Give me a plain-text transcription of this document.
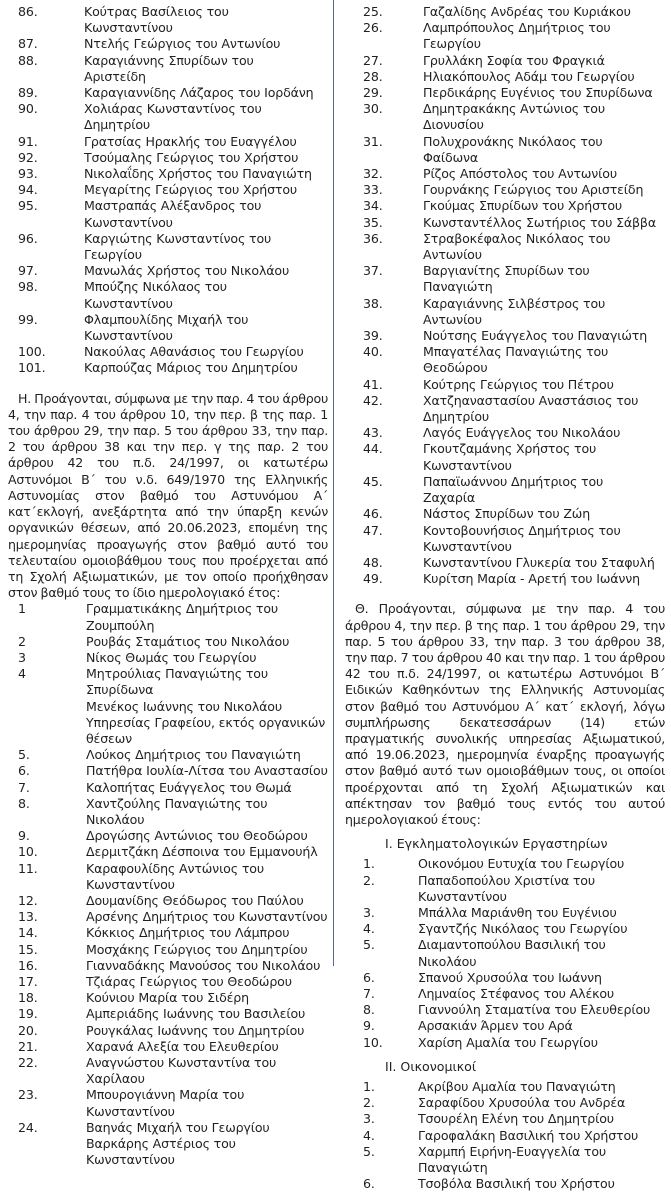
86.	Κούτρας Βασίλειος του Κωνσταντίνου
87.	Ντελής Γεώργιος του Αντωνίου
88.	Καραγιάννης Σπυρίδων του Αριστείδη
89.	Καραγιαννίδης Λάζαρος του Ιορδάνη
90.	Χολιάρας Κωνσταντίνος του Δημητρίου
91.	Γρατσίας Ηρακλής του Ευαγγέλου
92.	Τσούμαλης Γεώργιος του Χρήστου
93.	Νικολαΐδης Χρήστος του Παναγιώτη
94.	Μεγαρίτης Γεώργιος του Χρήστου
95.	Μαστραπάς Αλέξανδρος του Κωνσταντίνου
96.	Καργιώτης Κωνσταντίνος του Γεωργίου
97.	Μανωλάς Χρήστος του Νικολάου
98.	Μπούζης Νικόλαος του Κωνσταντίνου
99.	Φλαμπουλίδης Μιχαήλ του Κωνσταντίνου
100.	Νακούλας Αθανάσιος του Γεωργίου
101.	Καρπούζας Μάριος του Δημητρίου

Η. Προάγονται, σύμφωνα με την παρ. 4 του άρθρου 4, την παρ. 4 του άρθρου 10, την περ. β της παρ. 1 του άρθρου 29, την παρ. 5 του άρθρου 33, την παρ. 2 του άρθρου 38 και την περ. γ της παρ. 2 του άρθρου 42 του π.δ. 24/1997, οι κατωτέρω Αστυνόμοι Β΄ του ν.δ. 649/1970 της Ελληνικής Αστυνομίας στον βαθμό του Αστυνόμου Α΄ κατ΄εκλογή, ανεξάρτητα από την ύπαρξη κενών οργανικών θέσεων, από 20.06.2023, επομένη της ημερομηνίας προαγωγής στον βαθμό αυτό του τελευταίου ομοιοβάθμου τους που προέρχεται από τη Σχολή Αξιωματικών, με τον οποίο προήχθησαν στον βαθμό τους το ίδιο ημερολογιακό έτος:

1	Γραμματικάκης Δημήτριος του Ζουμπούλη
2	Ρουβάς Σταμάτιος του Νικολάου
3	Νίκος Θωμάς του Γεωργίου
4	Μητρούλιας Παναγιώτης του Σπυρίδωνα
Μενέκος Ιωάννης του Νικολάου
Υπηρεσίας Γραφείου, εκτός οργανικών θέσεων
5.	Λούκος Δημήτριος του Παναγιώτη
6.	Πατήθρα Ιουλία-Λίτσα του Αναστασίου
7.	Καλοπήτας Ευάγγελος του Θωμά
8.	Χαντζούλης Παναγιώτης του Νικολάου
9.	Δρογώσης Αντώνιος του Θεοδώρου
10.	Δερμιτζάκη Δέσποινα του Εμμανουήλ
11.	Καραφουλίδης Αντώνιος του Κωνσταντίνου
12.	Δουμανίδης Θεόδωρος του Παύλου
13.	Αρσένης Δημήτριος του Κωνσταντίνου
14.	Κόκκιος Δημήτριος του Λάμπρου
15.	Μοσχάκης Γεώργιος του Δημητρίου
16.	Γιανναδάκης Μανούσος του Νικολάου
17.	Τζιάρας Γεώργιος του Θεοδώρου
18.	Κούνιου Μαρία του Σιδέρη
19.	Αμπεριάδης Ιωάννης του Βασιλείου
20.	Ρουγκάλας Ιωάννης του Δημητρίου
21.	Χαρανά Αλεξία του Ελευθερίου
22.	Αναγνώστου Κωνσταντίνα του Χαρίλαου
23.	Μπουρογιάννη Μαρία του Κωνσταντίνου
24.	Βαηνάς Μιχαήλ του Γεωργίου
Βαρκάρης Αστέριος του Κωνσταντίνου
25.	Γαζαλίδης Ανδρέας του Κυριάκου
26.	Λαμπρόπουλος Δημήτριος του Γεωργίου
27.	Γρυλλάκη Σοφία του Φραγκιά
28.	Ηλιακόπουλος Αδάμ του Γεωργίου
29.	Περδικάρης Ευγένιος του Σπυρίδωνα
30.	Δημητρακάκης Αντώνιος του Διονυσίου
31.	Πολυχρονάκης Νικόλαος του Φαίδωνα
32.	Ρίζος Απόστολος του Αντωνίου
33.	Γουρνάκης Γεώργιος του Αριστείδη
34.	Γκούμας Σπυρίδων του Χρήστου
35.	Κωνσταντέλλος Σωτήριος του Σάββα
36.	Στραβοκέφαλος Νικόλαος του Αντωνίου
37.	Βαργιανίτης Σπυρίδων του Παναγιώτη
38.	Καραγιάννης Σιλβέστρος του Αντωνίου
39.	Νούτσης Ευάγγελος του Παναγιώτη
40.	Μπαγατέλας Παναγιώτης του Θεοδώρου
41.	Κούτρης Γεώργιος του Πέτρου
42.	Χατζηαναστασίου Αναστάσιος του Δημητρίου
43.	Λαγός Ευάγγελος του Νικολάου
44.	Γκουτζαμάνης Χρήστος του Κωνσταντίνου
45.	Παπαϊωάννου Δημήτριος του Ζαχαρία
46.	Νάστος Σπυρίδων του Ζώη
47.	Κοντοβουνήσιος Δημήτριος του Κωνσταντίνου
48.	Κωνσταντίνου Γλυκερία του Σταφυλή
49.	Κυρίτση Μαρία - Αρετή του Ιωάννη

Θ. Προάγονται, σύμφωνα με την παρ. 4 του άρθρου 4, την περ. β της παρ. 1 του άρθρου 29, την παρ. 5 του άρθρου 33, την παρ. 3 του άρθρου 38, την παρ. 7 του άρθρου 40 και την παρ. 1 του άρθρου 42 του π.δ. 24/1997, οι κατωτέρω Αστυνόμοι Β΄ Ειδικών Καθηκόντων της Ελληνικής Αστυνομίας στον βαθμό του Αστυνόμου Α΄ κατ΄ εκλογή, λόγω συμπλήρωσης δεκατεσσάρων (14) ετών πραγματικής συνολικής υπηρεσίας Αξιωματικού, από 19.06.2023, ημερομηνία έναρξης προαγωγής στον βαθμό αυτό των ομοιοβάθμων τους, οι οποίοι προέρχονται από τη Σχολή Αξιωματικών και απέκτησαν τον βαθμό τους εντός του αυτού ημερολογιακού έτους:

I. Εγκληματολογικών Εργαστηρίων
1.	Οικονόμου Ευτυχία του Γεωργίου
2.	Παπαδοπούλου Χριστίνα του Κωνσταντίνου
3.	Μπάλλα Μαριάνθη του Ευγένιου
4.	Σγαντζής Νικόλαος του Γεωργίου
5.	Διαμαντοπούλου Βασιλική του Νικολάου
6.	Σπανού Χρυσούλα του Ιωάννη
7.	Λημναίος Στέφανος του Αλέκου
8.	Γιαννούλη Σταματίνα του Ελευθερίου
9.	Αρσακιάν Άρμεν του Αρά
10.	Χαρίση Αμαλία του Γεωργίου
II. Οικονομικοί
1.	Ακρίβου Αμαλία του Παναγιώτη
2.	Σαραφίδου Χρυσούλα του Ανδρέα
3.	Τσουρέλη Ελένη του Δημητρίου
4.	Γαροφαλάκη Βασιλική του Χρήστου
5.	Χαρμπή Ειρήνη-Ευαγγελία του Παναγιώτη
6.	Τσοβόλα Βασιλική του Χρήστου
